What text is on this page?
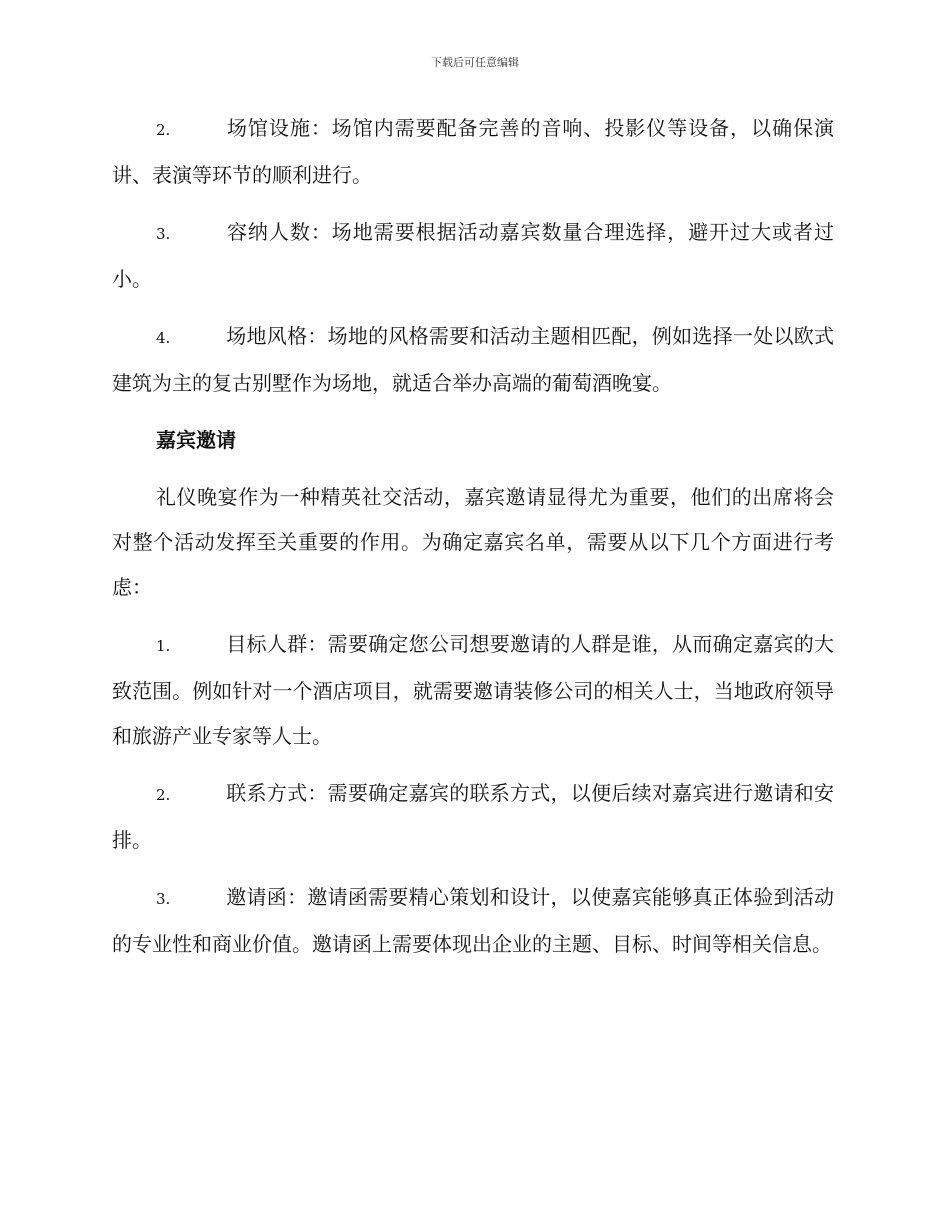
下载后可任意编辑

2.	场馆设施：场馆内需要配备完善的音响、投影仪等设备，以确保演讲、表演等环节的顺利进行。

3.	容纳人数：场地需要根据活动嘉宾数量合理选择，避开过大或者过小。

4.	场地风格：场地的风格需要和活动主题相匹配，例如选择一处以欧式建筑为主的复古别墅作为场地，就适合举办高端的葡萄酒晚宴。

嘉宾邀请

礼仪晚宴作为一种精英社交活动，嘉宾邀请显得尤为重要，他们的出席将会对整个活动发挥至关重要的作用。为确定嘉宾名单，需要从以下几个方面进行考虑：

1.	目标人群：需要确定您公司想要邀请的人群是谁，从而确定嘉宾的大致范围。例如针对一个酒店项目，就需要邀请装修公司的相关人士，当地政府领导和旅游产业专家等人士。

2.	联系方式：需要确定嘉宾的联系方式，以便后续对嘉宾进行邀请和安排。

3.	邀请函：邀请函需要精心策划和设计，以使嘉宾能够真正体验到活动的专业性和商业价值。邀请函上需要体现出企业的主题、目标、时间等相关信息。
